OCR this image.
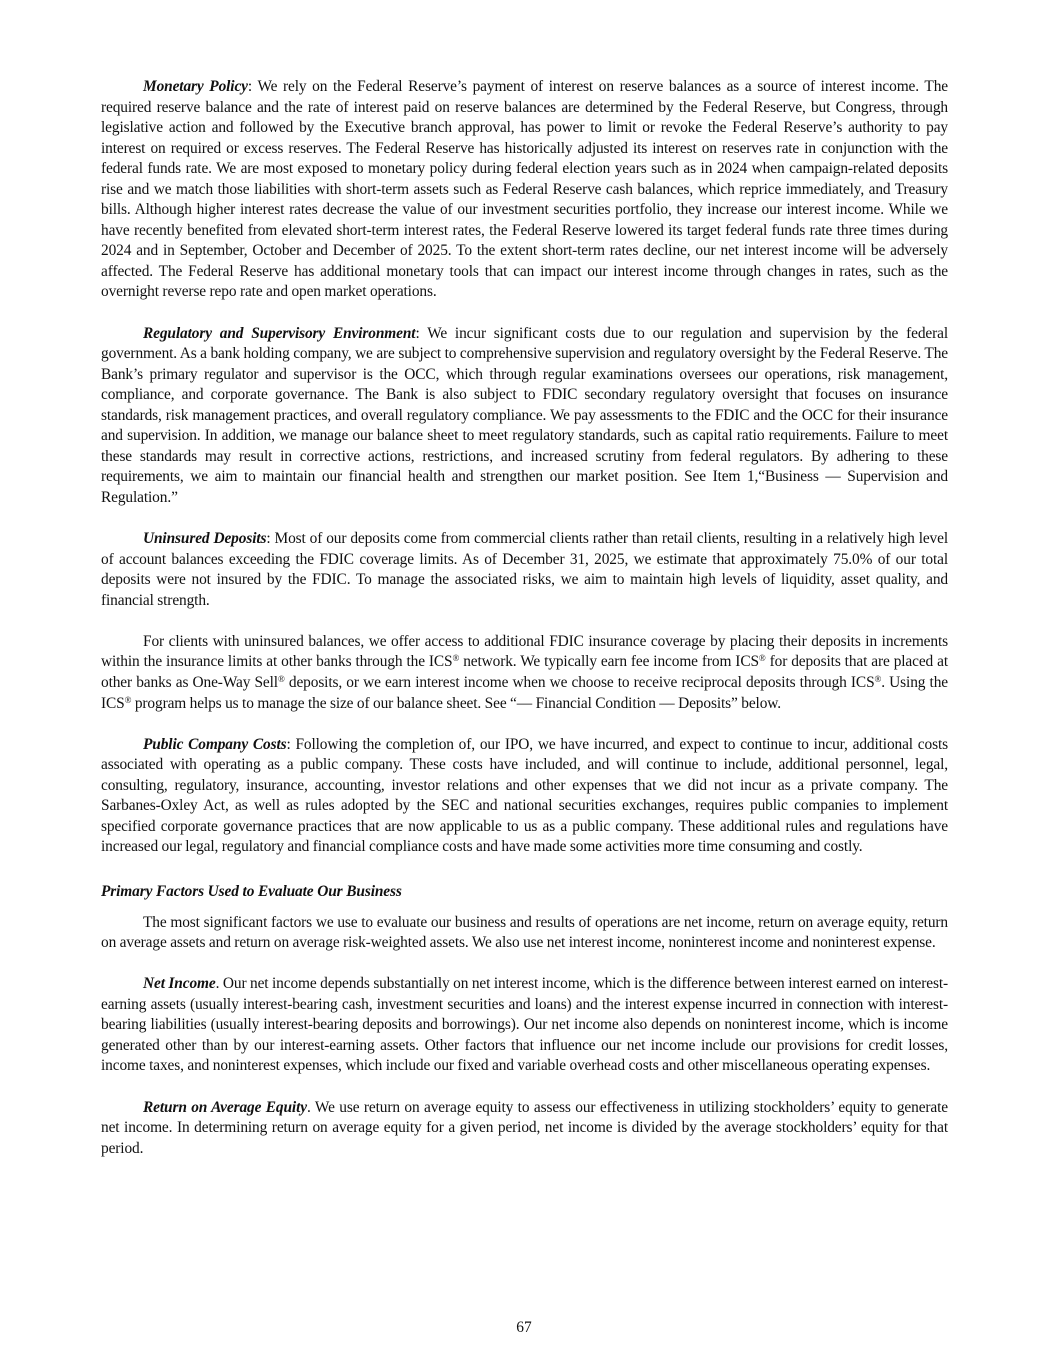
Monetary Policy: We rely on the Federal Reserve’s payment of interest on reserve balances as a source of interest income. The required reserve balance and the rate of interest paid on reserve balances are determined by the Federal Reserve, but Congress, through legislative action and followed by the Executive branch approval, has power to limit or revoke the Federal Reserve’s authority to pay interest on required or excess reserves. The Federal Reserve has historically adjusted its interest on reserves rate in conjunction with the federal funds rate. We are most exposed to monetary policy during federal election years such as in 2024 when campaign-related deposits rise and we match those liabilities with short-term assets such as Federal Reserve cash balances, which reprice immediately, and Treasury bills. Although higher interest rates decrease the value of our investment securities portfolio, they increase our interest income. While we have recently benefited from elevated short-term interest rates, the Federal Reserve lowered its target federal funds rate three times during 2024 and in September, October and December of 2025. To the extent short-term rates decline, our net interest income will be adversely affected. The Federal Reserve has additional monetary tools that can impact our interest income through changes in rates, such as the overnight reverse repo rate and open market operations.

Regulatory and Supervisory Environment: We incur significant costs due to our regulation and supervision by the federal government. As a bank holding company, we are subject to comprehensive supervision and regulatory oversight by the Federal Reserve. The Bank’s primary regulator and supervisor is the OCC, which through regular examinations oversees our operations, risk management, compliance, and corporate governance. The Bank is also subject to FDIC secondary regulatory oversight that focuses on insurance standards, risk management practices, and overall regulatory compliance. We pay assessments to the FDIC and the OCC for their insurance and supervision. In addition, we manage our balance sheet to meet regulatory standards, such as capital ratio requirements. Failure to meet these standards may result in corrective actions, restrictions, and increased scrutiny from federal regulators. By adhering to these requirements, we aim to maintain our financial health and strengthen our market position. See Item 1,“Business — Supervision and Regulation.”

Uninsured Deposits: Most of our deposits come from commercial clients rather than retail clients, resulting in a relatively high level of account balances exceeding the FDIC coverage limits. As of December 31, 2025, we estimate that approximately 75.0% of our total deposits were not insured by the FDIC. To manage the associated risks, we aim to maintain high levels of liquidity, asset quality, and financial strength.

For clients with uninsured balances, we offer access to additional FDIC insurance coverage by placing their deposits in increments within the insurance limits at other banks through the ICS® network. We typically earn fee income from ICS® for deposits that are placed at other banks as One-Way Sell® deposits, or we earn interest income when we choose to receive reciprocal deposits through ICS®. Using the ICS® program helps us to manage the size of our balance sheet. See “— Financial Condition — Deposits” below.

Public Company Costs: Following the completion of, our IPO, we have incurred, and expect to continue to incur, additional costs associated with operating as a public company. These costs have included, and will continue to include, additional personnel, legal, consulting, regulatory, insurance, accounting, investor relations and other expenses that we did not incur as a private company. The Sarbanes-Oxley Act, as well as rules adopted by the SEC and national securities exchanges, requires public companies to implement specified corporate governance practices that are now applicable to us as a public company. These additional rules and regulations have increased our legal, regulatory and financial compliance costs and have made some activities more time consuming and costly.

Primary Factors Used to Evaluate Our Business

The most significant factors we use to evaluate our business and results of operations are net income, return on average equity, return on average assets and return on average risk-weighted assets. We also use net interest income, noninterest income and noninterest expense.

Net Income. Our net income depends substantially on net interest income, which is the difference between interest earned on interest-earning assets (usually interest-bearing cash, investment securities and loans) and the interest expense incurred in connection with interest-bearing liabilities (usually interest-bearing deposits and borrowings). Our net income also depends on noninterest income, which is income generated other than by our interest-earning assets. Other factors that influence our net income include our provisions for credit losses, income taxes, and noninterest expenses, which include our fixed and variable overhead costs and other miscellaneous operating expenses.

Return on Average Equity. We use return on average equity to assess our effectiveness in utilizing stockholders’ equity to generate net income. In determining return on average equity for a given period, net income is divided by the average stockholders’ equity for that period.

67
